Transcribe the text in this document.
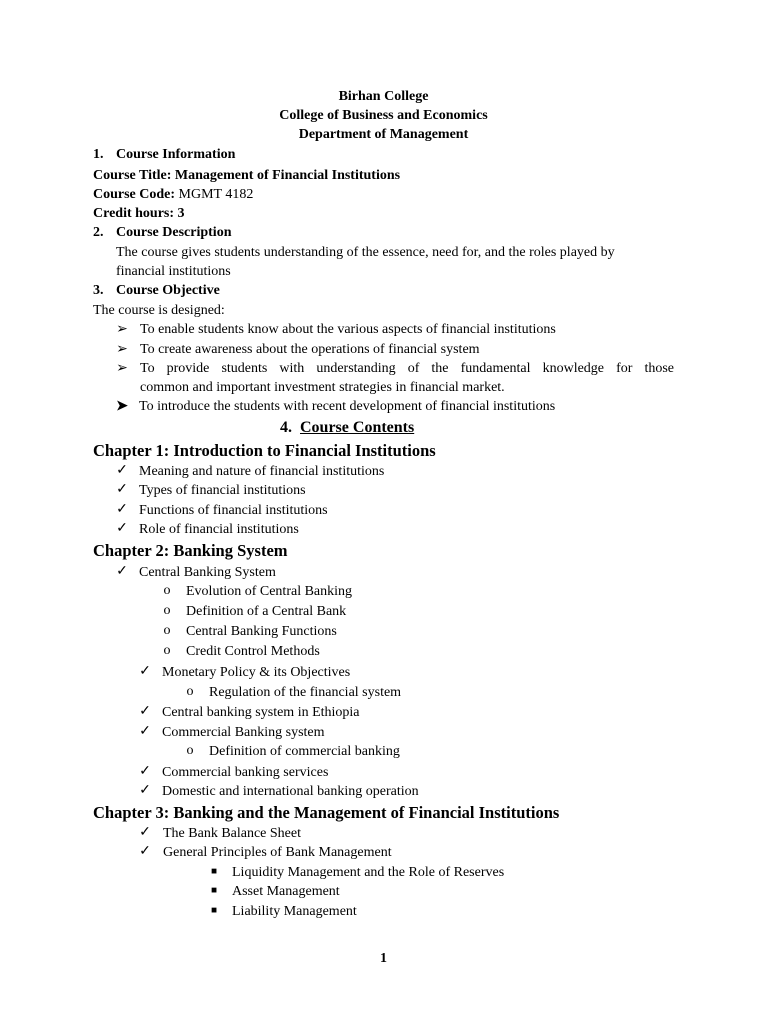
Birhan College
College of Business and Economics
Department of Management
1. Course Information
Course Title: Management of Financial Institutions
Course Code: MGMT 4182
Credit hours: 3
2. Course Description
The course gives students understanding of the essence, need for, and the roles played by
financial institutions
3. Course Objective
The course is designed:
➢ To enable students know about the various aspects of financial institutions
➢ To create awareness about the operations of financial system
➢ To provide students with understanding of the fundamental knowledge for those
common and important investment strategies in financial market.
➤ To introduce the students with recent development of financial institutions
4. Course Contents
Chapter 1: Introduction to Financial Institutions
✓ Meaning and nature of financial institutions
✓ Types of financial institutions
✓ Functions of financial institutions
✓ Role of financial institutions
Chapter 2: Banking System
✓ Central Banking System
o	Evolution of Central Banking
o	Definition of a Central Bank
o	Central Banking Functions
o	Credit Control Methods
✓ Monetary Policy & its Objectives
o	Regulation of the financial system
✓ Central banking system in Ethiopia
✓ Commercial Banking system
o	Definition of commercial banking
✓ Commercial banking services
✓ Domestic and international banking operation
Chapter 3: Banking and the Management of Financial Institutions
✓ The Bank Balance Sheet
✓ General Principles of Bank Management
■	Liquidity Management and the Role of Reserves
■	Asset Management
■	Liability Management
1
